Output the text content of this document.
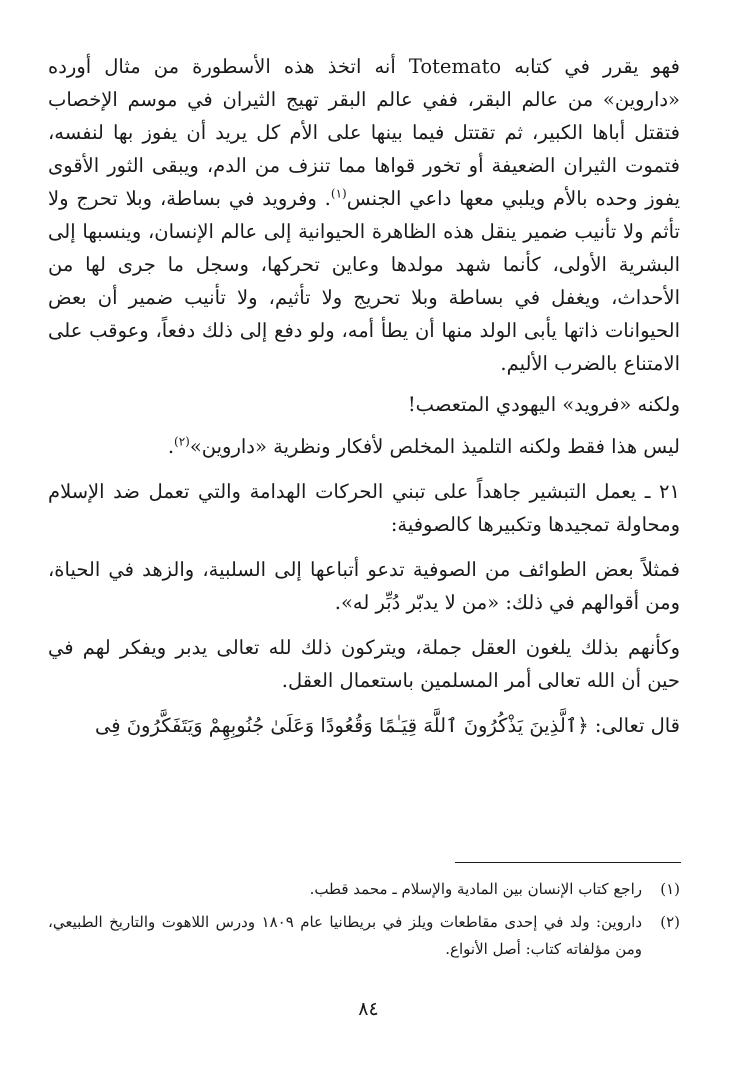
فهو يقرر في كتابه Totemato أنه اتخذ هذه الأسطورة من مثال أورده «داروين» من عالم البقر، ففي عالم البقر تهيج الثيران في موسم الإخصاب فتقتل أباها الكبير، ثم تقتتل فيما بينها على الأم كل يريد أن يفوز بها لنفسه، فتموت الثيران الضعيفة أو تخور قواها مما تنزف من الدم، ويبقى الثور الأقوى يفوز وحده بالأم ويلبي معها داعي الجنس$^{(١)}$. وفرويد في بساطة، وبلا تحرج ولا تأثم ولا تأنيب ضمير ينقل هذه الظاهرة الحيوانية إلى عالم الإنسان، وينسبها إلى البشرية الأولى، كأنما شهد مولدها وعاين تحركها، وسجل ما جرى لها من الأحداث، ويغفل في بساطة وبلا تحريج ولا تأثيم، ولا تأنيب ضمير أن بعض الحيوانات ذاتها يأبى الولد منها أن يطأ أمه، ولو دفع إلى ذلك دفعاً، وعوقب على الامتناع بالضرب الأليم.

ولكنه «فرويد» اليهودي المتعصب!

ليس هذا فقط ولكنه التلميذ المخلص لأفكار ونظرية «داروين»$^{(٢)}$.

٢١ ـ يعمل التبشير جاهداً على تبني الحركات الهدامة والتي تعمل ضد الإسلام ومحاولة تمجيدها وتكبيرها كالصوفية:

فمثلاً بعض الطوائف من الصوفية تدعو أتباعها إلى السلبية، والزهد في الحياة، ومن أقوالهم في ذلك: «من لا يدبّر دُبِّر له».

وكأنهم بذلك يلغون العقل جملة، ويتركون ذلك لله تعالى يدبر ويفكر لهم في حين أن الله تعالى أمر المسلمين باستعمال العقل.

قال تعالى: ﴿ٱلَّذِينَ يَذْكُرُونَ ٱللَّهَ قِيَـٰمًا وَقُعُودًا وَعَلَىٰ جُنُوبِهِمْ وَيَتَفَكَّرُونَ فِى

(١)
راجع كتاب الإنسان بين المادية والإسلام ـ محمد قطب.
(٢)
داروين: ولد في إحدى مقاطعات ويلز في بريطانيا عام ١٨٠٩ ودرس اللاهوت والتاريخ الطبيعي، ومن مؤلفاته كتاب: أصل الأنواع.
٨٤
